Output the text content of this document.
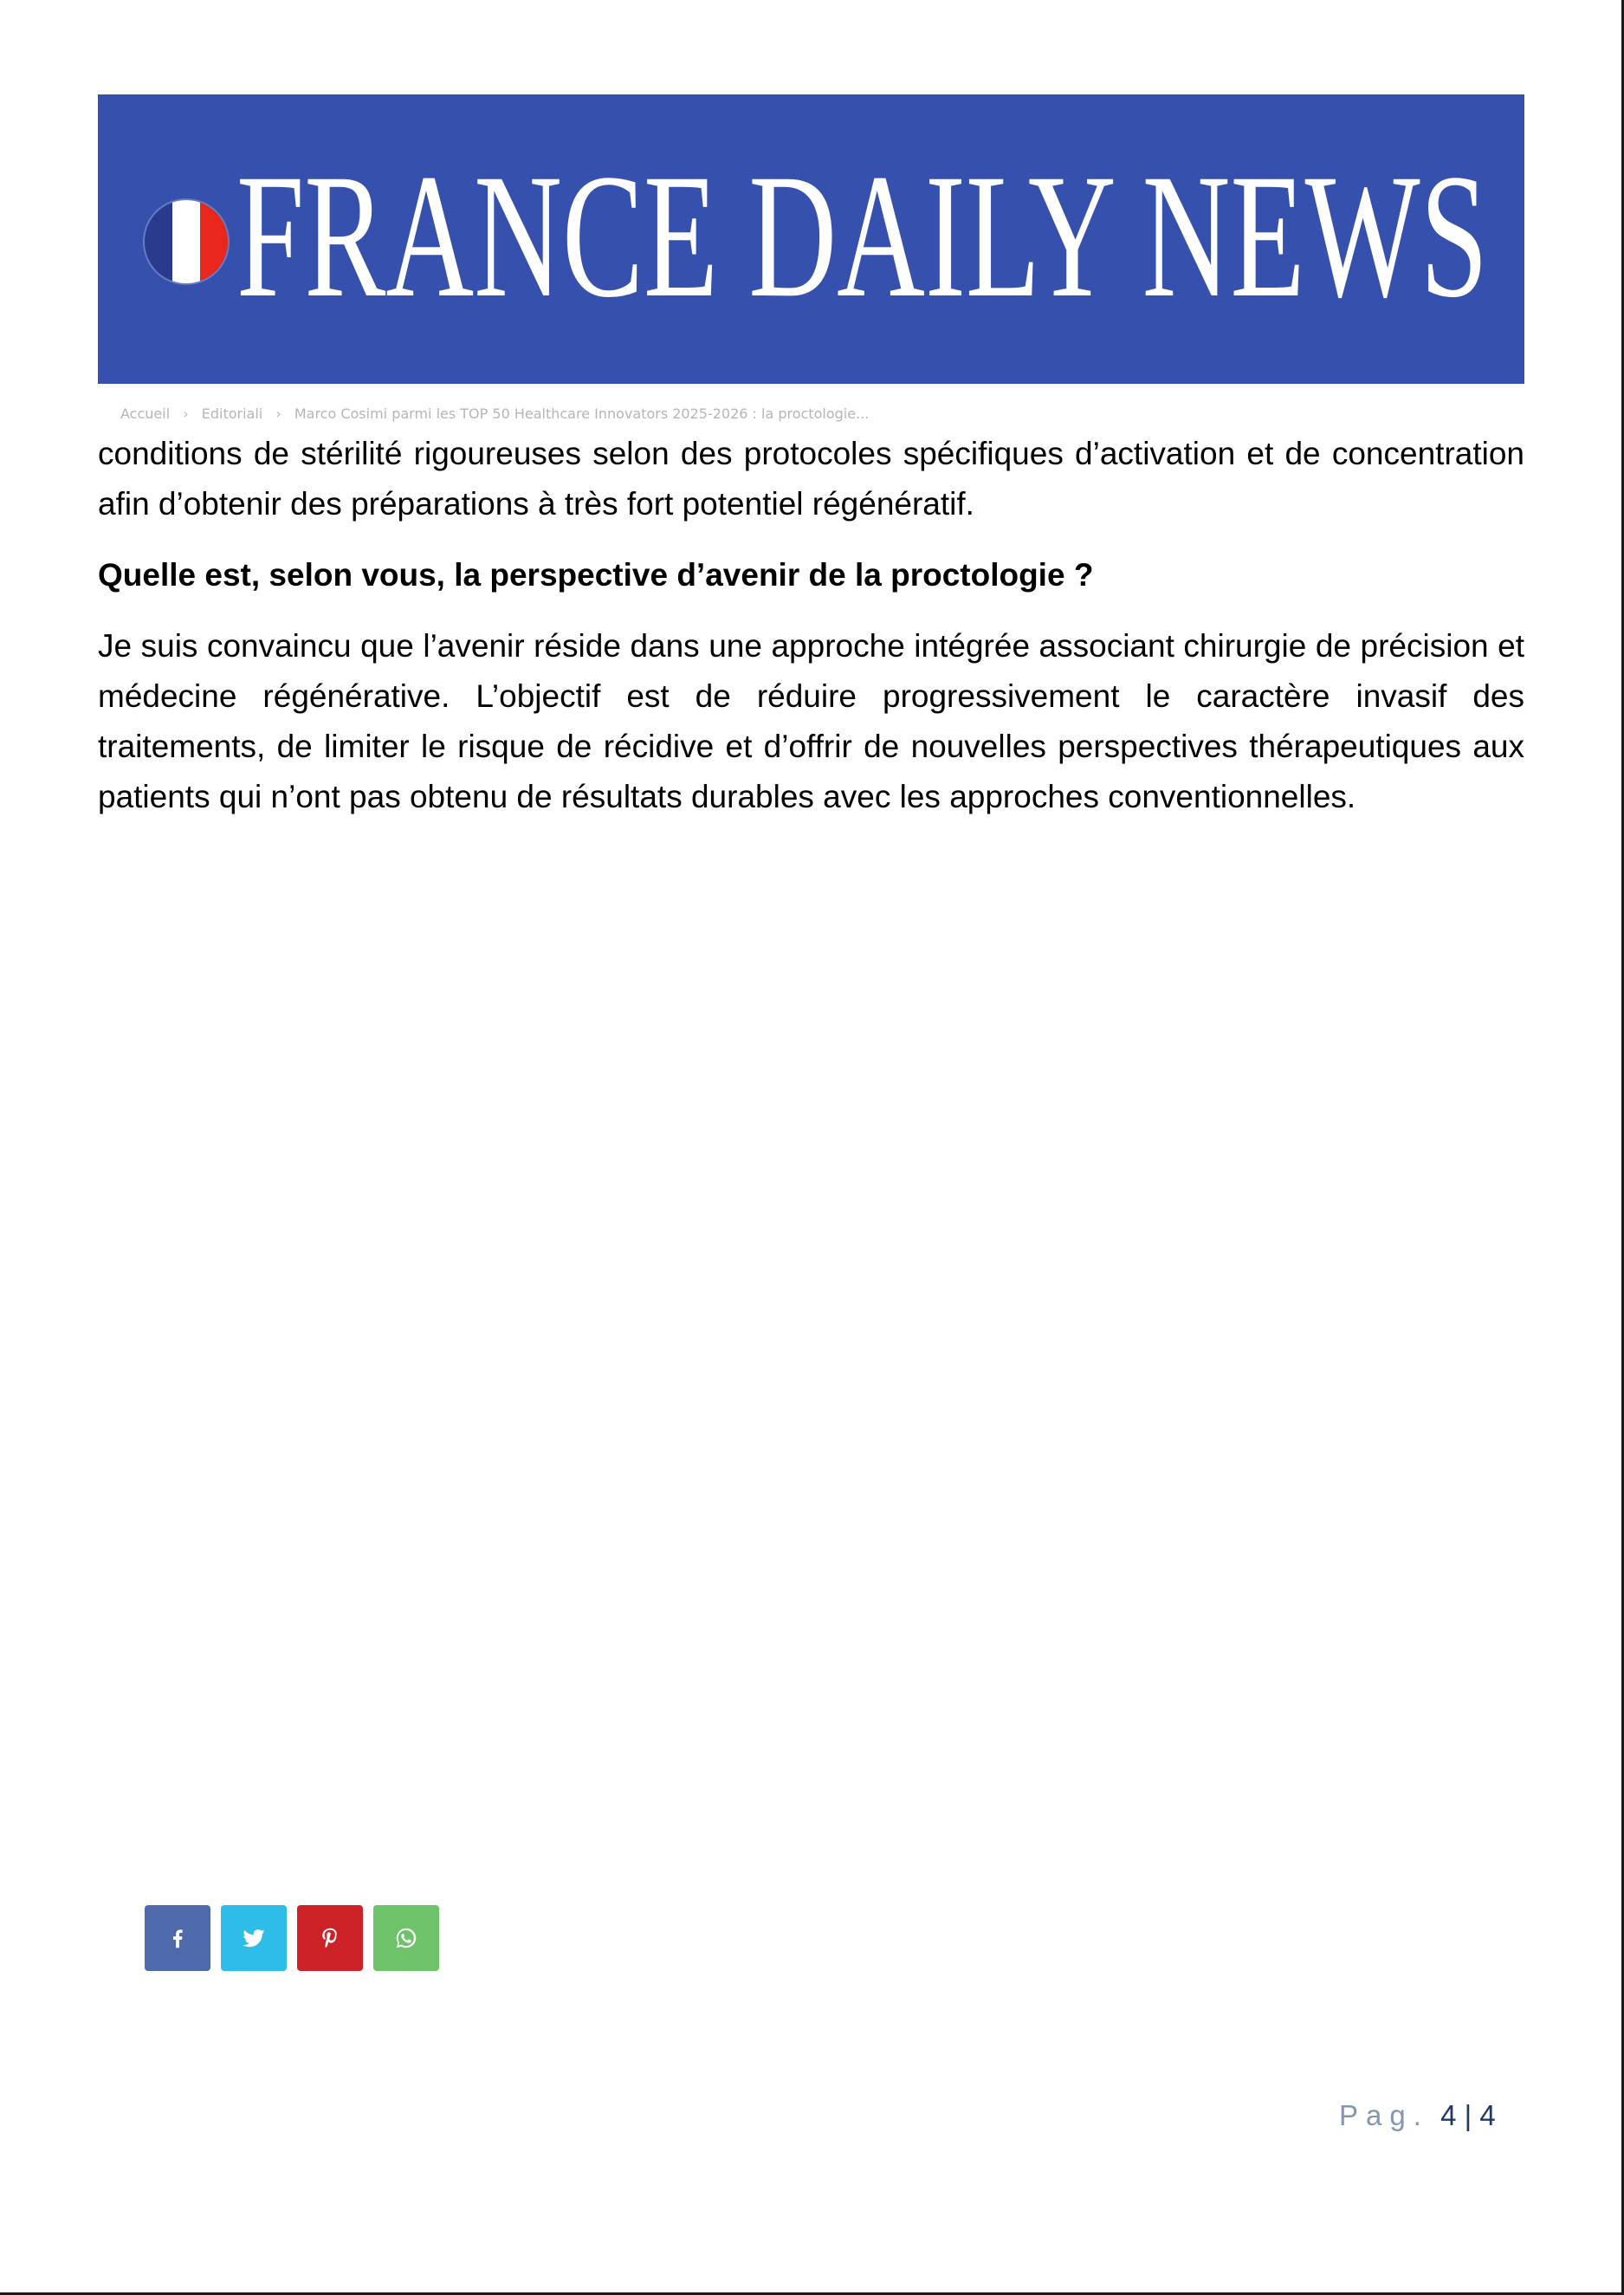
FRANCE DAILY NEWS
Accueil › Editoriali › Marco Cosimi parmi les TOP 50 Healthcare Innovators 2025-2026 : la proctologie...

conditions de stérilité rigoureuses selon des protocoles spécifiques d’activation et de concentration afin d’obtenir des préparations à très fort potentiel régénératif.

Quelle est, selon vous, la perspective d’avenir de la proctologie ?

Je suis convaincu que l’avenir réside dans une approche intégrée associant chirurgie de précision et médecine régénérative. L’objectif est de réduire progressivement le caractère invasif des traitements, de limiter le risque de récidive et d’offrir de nouvelles perspectives thérapeutiques aux patients qui n’ont pas obtenu de résultats durables avec les approches conventionnelles.

Pag. 4 | 4
